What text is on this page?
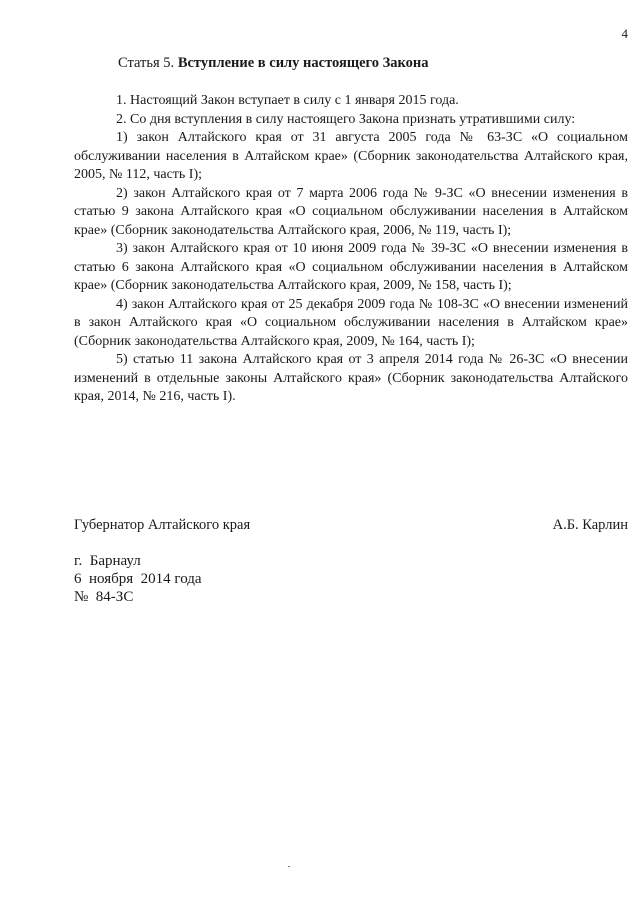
4
Статья 5. Вступление в силу настоящего Закона

1. Настоящий Закон вступает в силу с 1 января 2015 года.

2. Со дня вступления в силу настоящего Закона признать утратившими силу:

1) закон Алтайского края от 31 августа 2005 года № 63-ЗС «О социальном обслуживании населения в Алтайском крае» (Сборник законодательства Алтайского края, 2005, № 112, часть I);

2) закон Алтайского края от 7 марта 2006 года № 9-ЗС «О внесении изменения в статью 9 закона Алтайского края «О социальном обслуживании населения в Алтайском крае» (Сборник законодательства Алтайского края, 2006, № 119, часть I);

3) закон Алтайского края от 10 июня 2009 года № 39-ЗС «О внесении изменения в статью 6 закона Алтайского края «О социальном обслуживании населения в Алтайском крае» (Сборник законодательства Алтайского края, 2009, № 158, часть I);

4) закон Алтайского края от 25 декабря 2009 года № 108-ЗС «О внесении изменений в закон Алтайского края «О социальном обслуживании населения в Алтайском крае» (Сборник законодательства Алтайского края, 2009, № 164, часть I);

5) статью 11 закона Алтайского края от 3 апреля 2014 года № 26-ЗС «О внесении изменений в отдельные законы Алтайского края» (Сборник законодательства Алтайского края, 2014, № 216, часть I).

Губернатор Алтайского края	А.Б. Карлин
г.  Барнаул
6  ноября  2014 года
№  84-ЗС
